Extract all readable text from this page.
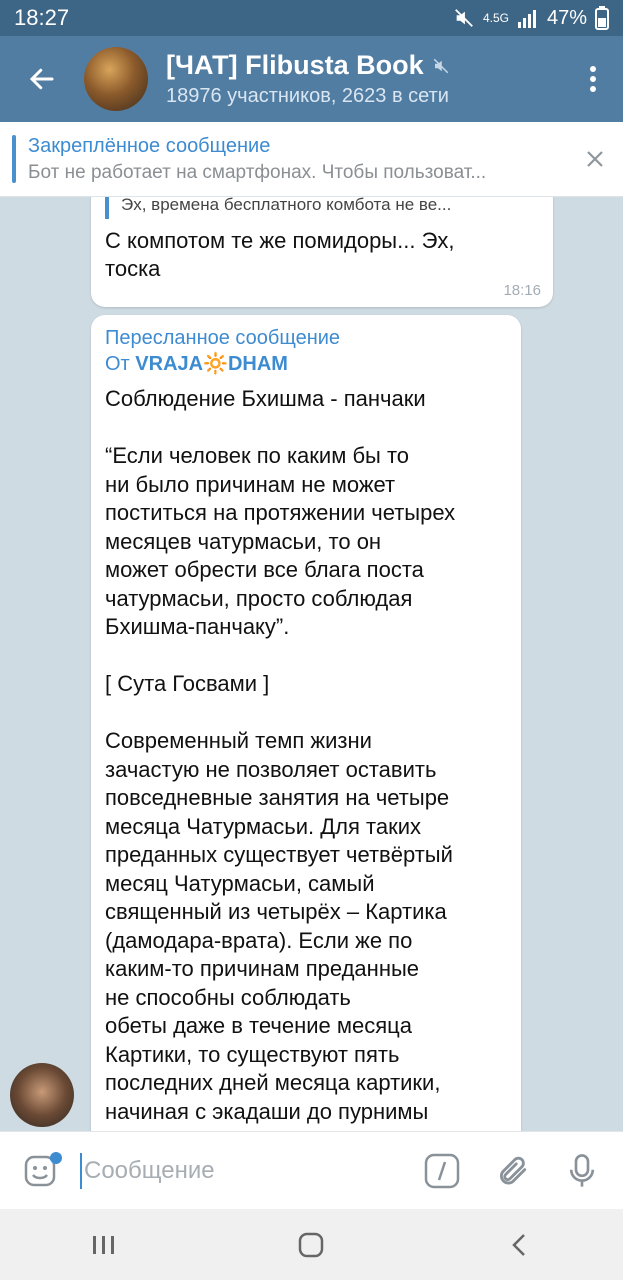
18:27	4.5G 47%
[ЧАТ] Flibusta Book
18976 участников, 2623 в сети
Закреплённое сообщение
Бот не работает на смартфонах. Чтобы пользоват...
Эх, времена бесплатного комбота не ве...
С компотом те же помидоры... Эх,
тоска
18:16
Пересланное сообщение
От VRAJA🔆DHAM
Соблюдение Бхишма - панчаки

“Если человек по каким бы то
ни было причинам не может
поститься на протяжении четырех
месяцев чатурмасьи, то он
может обрести все блага поста
чатурмасьи, просто соблюдая
Бхишма-панчаку”.

[ Сута Госвами ]

Современный темп жизни
зачастую не позволяет оставить
повседневные занятия на четыре
месяца Чатурмасьи. Для таких
преданных существует четвёртый
месяц Чатурмасьи, самый
священный из четырёх – Картика
(дамодара-врата). Если же по
каким-то причинам преданные
не способны соблюдать
обеты даже в течение месяца
Картики, то существуют пять
последних дней месяца картики,
начиная с экадаши до пурнимы
Сообщение
